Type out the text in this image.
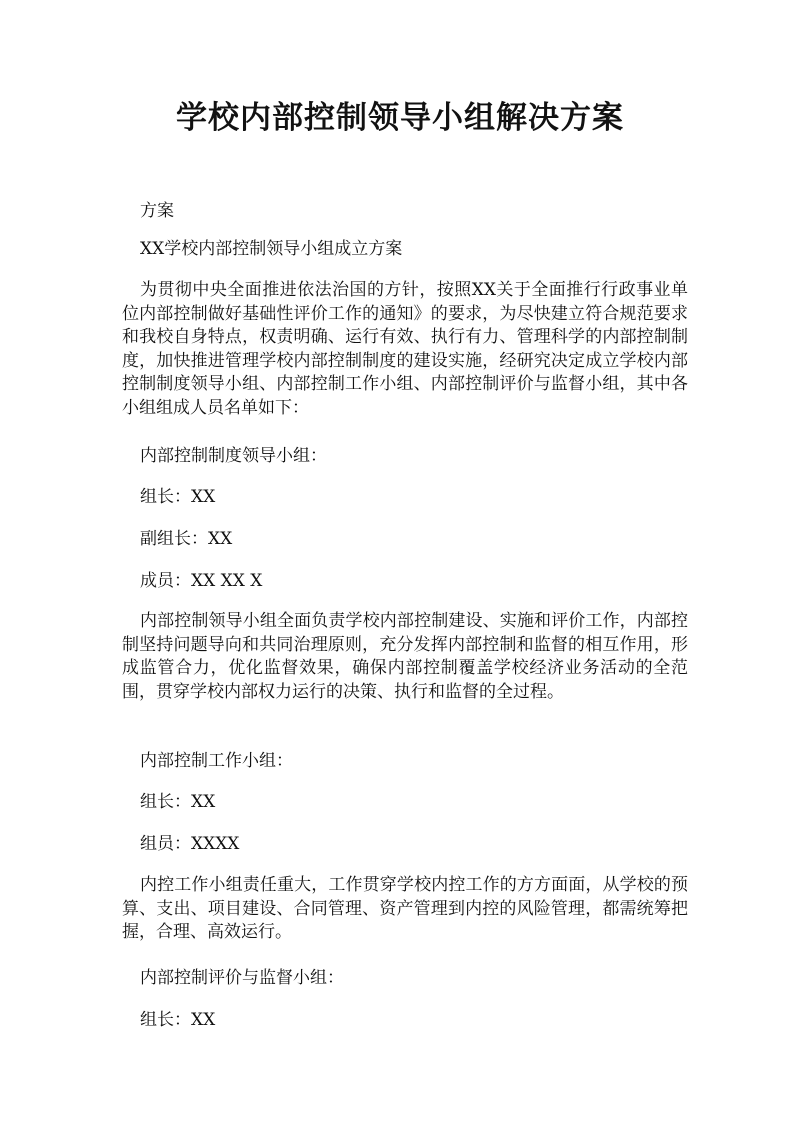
学校内部控制领导小组解决方案

方案

XX学校内部控制领导小组成立方案

为贯彻中央全面推进依法治国的方针，按照XX关于全面推行行政事业单位内部控制做好基础性评价工作的通知》的要求，为尽快建立符合规范要求和我校自身特点，权责明确、运行有效、执行有力、管理科学的内部控制制度，加快推进管理学校内部控制制度的建设实施，经研究决定成立学校内部控制制度领导小组、内部控制工作小组、内部控制评价与监督小组，其中各小组组成人员名单如下：

内部控制制度领导小组：

组长：XX

副组长：XX

成员：XX XX X

内部控制领导小组全面负责学校内部控制建设、实施和评价工作，内部控制坚持问题导向和共同治理原则，充分发挥内部控制和监督的相互作用，形成监管合力，优化监督效果，确保内部控制覆盖学校经济业务活动的全范围，贯穿学校内部权力运行的决策、执行和监督的全过程。

内部控制工作小组：

组长：XX

组员：XXXX

内控工作小组责任重大，工作贯穿学校内控工作的方方面面，从学校的预算、支出、项目建设、合同管理、资产管理到内控的风险管理，都需统筹把握，合理、高效运行。

内部控制评价与监督小组：

组长：XX
